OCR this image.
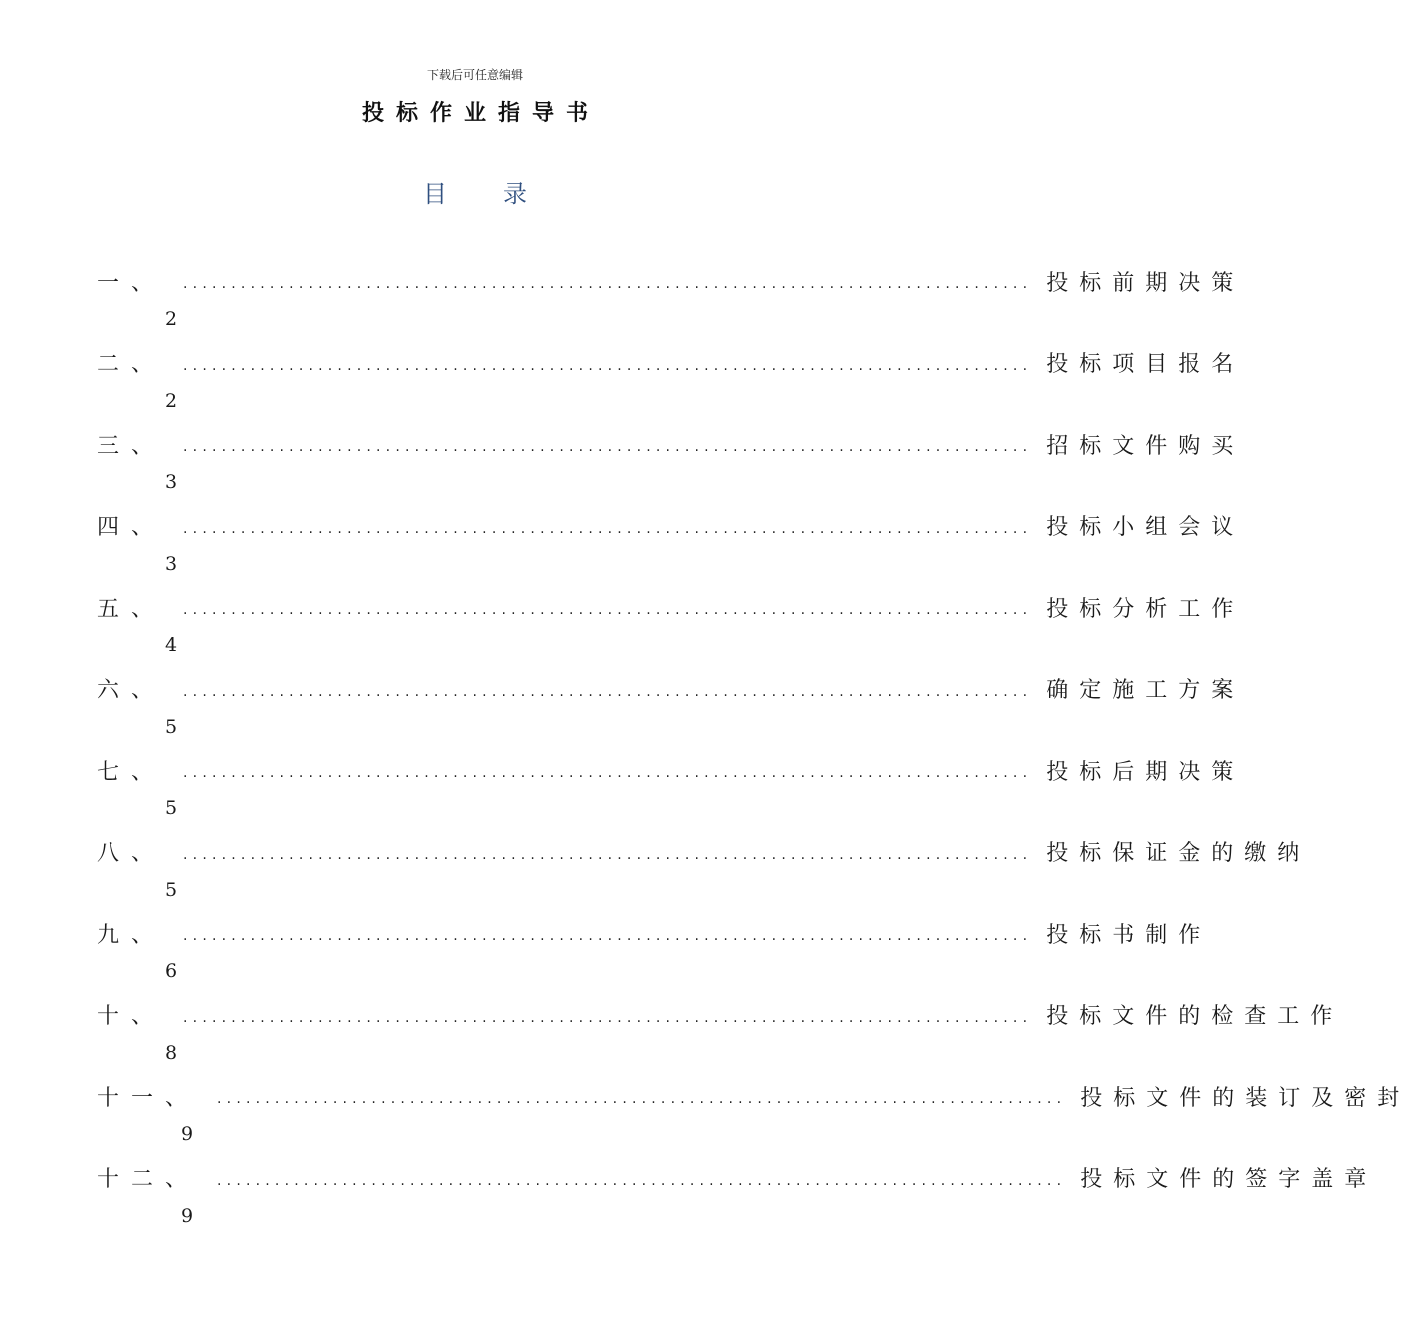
下载后可任意编辑
投标作业指导书
目录
一、 ........................................................................................ 投标前期决策
2
二、 ........................................................................................ 投标项目报名
2
三、 ........................................................................................ 招标文件购买
3
四、 ........................................................................................ 投标小组会议
3
五、 ........................................................................................ 投标分析工作
4
六、 ........................................................................................ 确定施工方案
5
七、 ........................................................................................ 投标后期决策
5
八、 ........................................................................................ 投标保证金的缴纳
5
九、 ........................................................................................ 投标书制作
6
十、 ........................................................................................ 投标文件的检查工作
8
十一、 ........................................................................................ 投标文件的装订及密封
9
十二、 ........................................................................................ 投标文件的签字盖章
9
